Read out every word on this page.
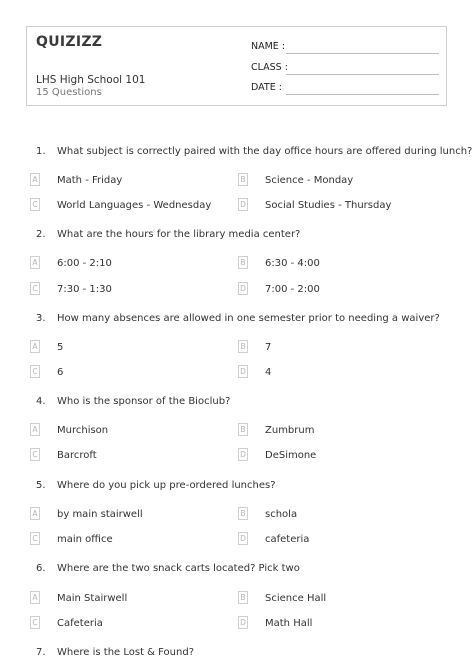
QUIZIZZ
LHS High School 101
15 Questions
NAME :
CLASS :
DATE :
1. What subject is correctly paired with the day office hours are offered during lunch?
A Math - Friday	B Science - Monday
C World Languages - Wednesday	D Social Studies - Thursday
2. What are the hours for the library media center?
A 6:00 - 2:10	B 6:30 - 4:00
C 7:30 - 1:30	D 7:00 - 2:00
3. How many absences are allowed in one semester prior to needing a waiver?
A 5	B 7
C 6	D 4
4. Who is the sponsor of the Bioclub?
A Murchison	B Zumbrum
C Barcroft	D DeSimone
5. Where do you pick up pre-ordered lunches?
A by main stairwell	B schola
C main office	D cafeteria
6. Where are the two snack carts located? Pick two
A Main Stairwell	B Science Hall
C Cafeteria	D Math Hall
7. Where is the Lost & Found?
